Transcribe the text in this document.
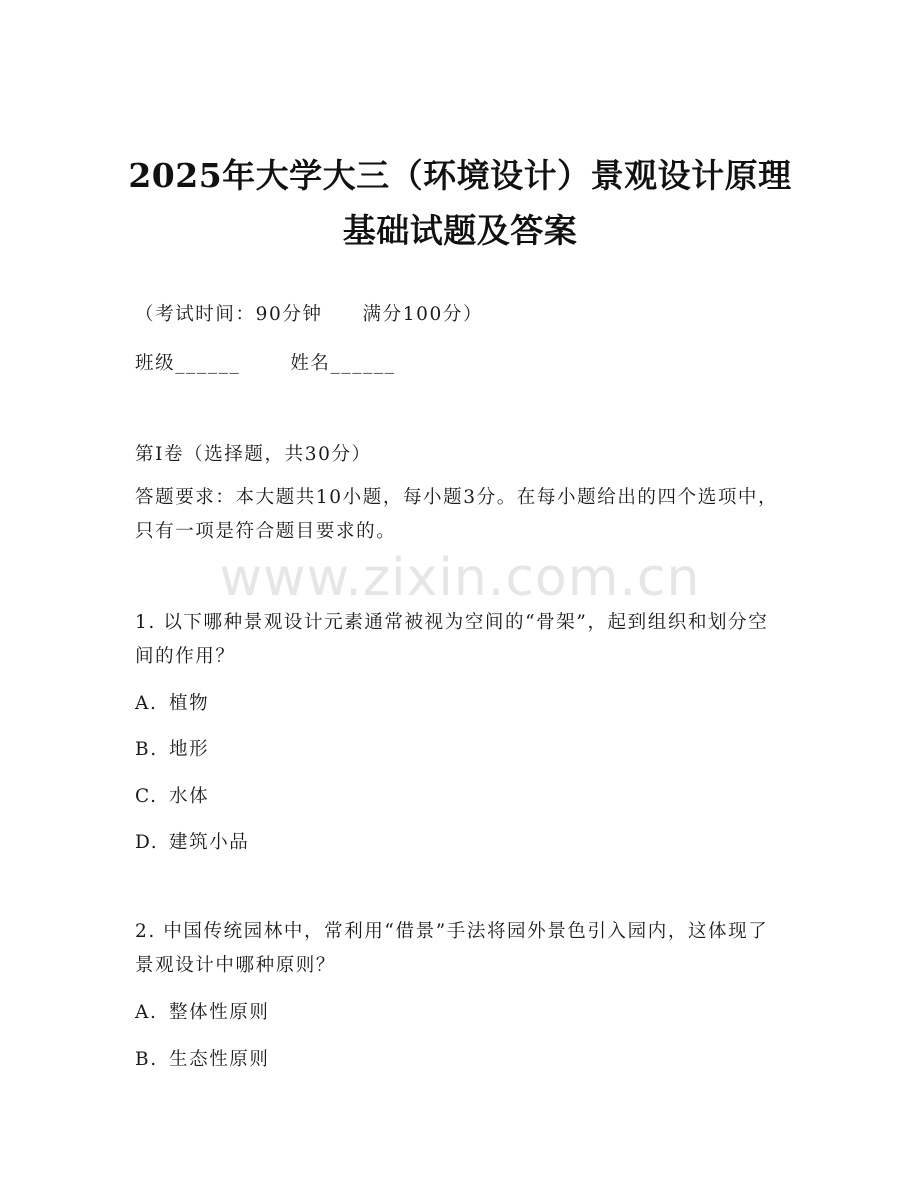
2025年大学大三（环境设计）景观设计原理
基础试题及答案
（考试时间：90分钟 满分100分）
班级______	姓名______
第I卷（选择题，共30分）
答题要求：本大题共10小题，每小题3分。在每小题给出的四个选项中，只有一项是符合题目要求的。
www.zixin.com.cn
1. 以下哪种景观设计元素通常被视为空间的“骨架”，起到组织和划分空间的作用？
A. 植物
B. 地形
C. 水体
D. 建筑小品
2. 中国传统园林中，常利用“借景”手法将园外景色引入园内，这体现了景观设计中哪种原则？
A. 整体性原则
B. 生态性原则
